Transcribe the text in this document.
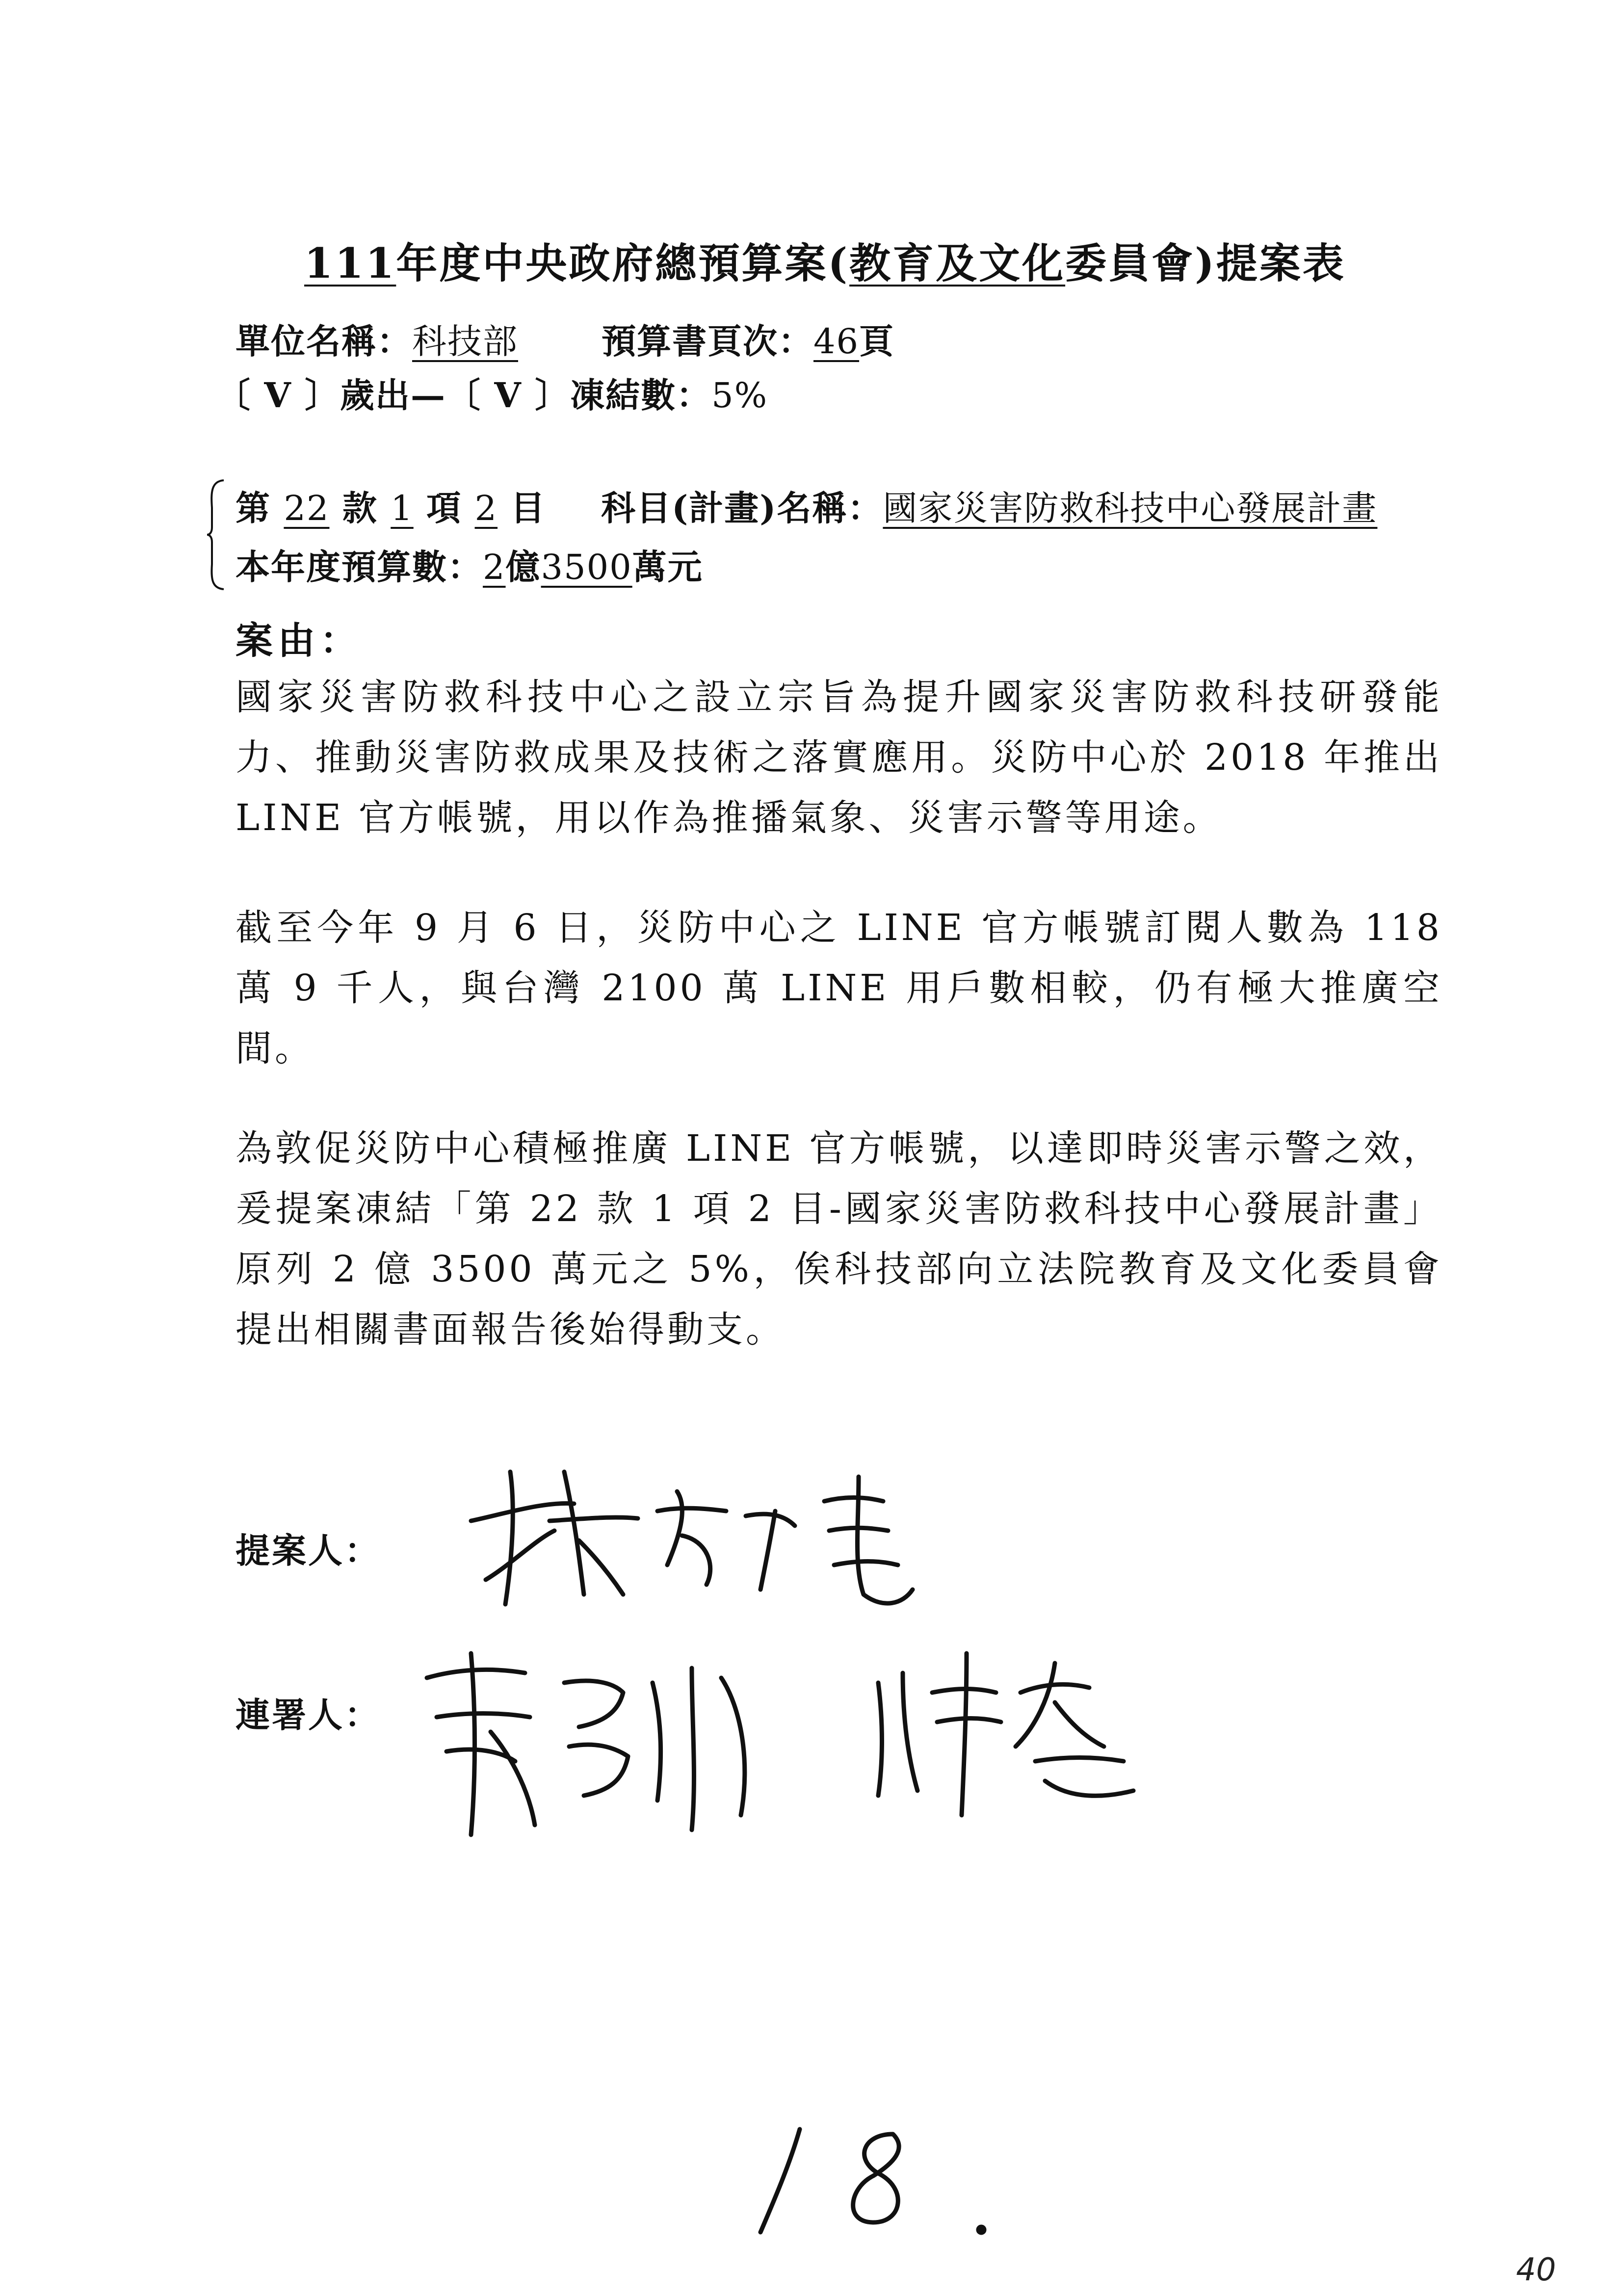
111年度中央政府總預算案(教育及文化委員會)提案表
單位名稱：科技部 預算書頁次：46頁
〔 V 〕歲出—〔 V 〕凍結數：5%
第 22 款 1 項 2 目 科目(計畫)名稱：國家災害防救科技中心發展計畫
本年度預算數：2億3500萬元
案由：
國家災害防救科技中心之設立宗旨為提升國家災害防救科技研發能力、推動災害防救成果及技術之落實應用。災防中心於 2018 年推出 LINE 官方帳號，用以作為推播氣象、災害示警等用途。
截至今年 9 月 6 日，災防中心之 LINE 官方帳號訂閱人數為 118 萬 9 千人，與台灣 2100 萬 LINE 用戶數相較，仍有極大推廣空間。
為敦促災防中心積極推廣 LINE 官方帳號，以達即時災害示警之效，爰提案凍結「第 22 款 1 項 2 目-國家災害防救科技中心發展計畫」原列 2 億 3500 萬元之 5%，俟科技部向立法院教育及文化委員會提出相關書面報告後始得動支。
提案人：
連署人：
40
